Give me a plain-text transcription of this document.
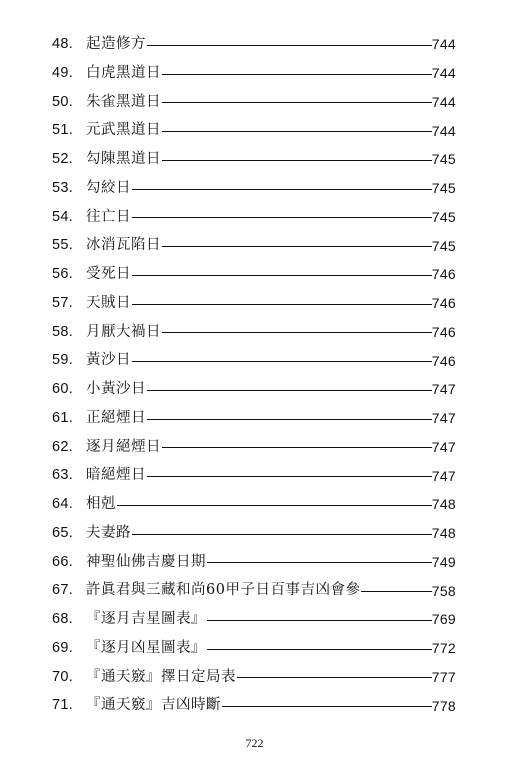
48. 起造修方	744
49. 白虎黑道日	744
50. 朱雀黑道日	744
51. 元武黑道日	744
52. 勾陳黑道日	745
53. 勾絞日	745
54. 往亡日	745
55. 冰消瓦陷日	745
56. 受死日	746
57. 天賊日	746
58. 月厭大禍日	746
59. 黃沙日	746
60. 小黃沙日	747
61. 正絕煙日	747
62. 逐月絕煙日	747
63. 暗絕煙日	747
64. 相剋	748
65. 夫妻路	748
66. 神聖仙佛吉慶日期	749
67. 許眞君與三藏和尚60甲子日百事吉凶會參	758
68. 『逐月吉星圖表』	769
69. 『逐月凶星圖表』	772
70. 『通天竅』擇日定局表	777
71. 『通天竅』吉凶時斷	778
722
